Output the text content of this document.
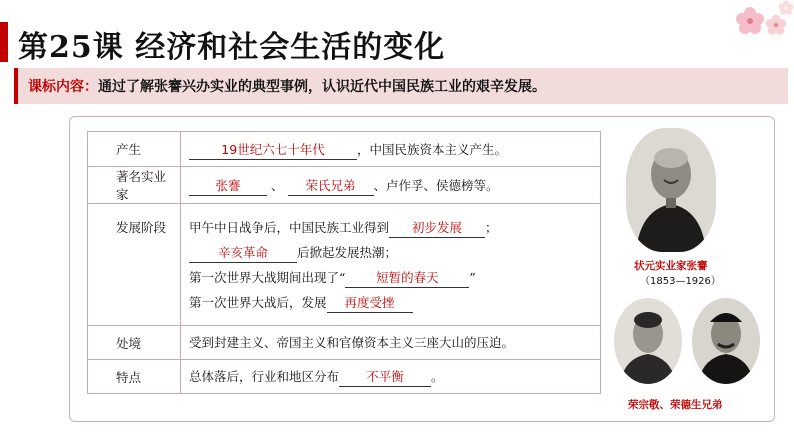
第25课 经济和社会生活的变化
课标内容：通过了解张謇兴办实业的典型事例，认识近代中国民族工业的艰辛发展。
产生	19世纪六七十年代 ，中国民族资本主义产生。

著名实业家	张謇 、 荣氏兄弟 、卢作孚、侯德榜等。

发展阶段	甲午中日战争后，中国民族工业得到 初步发展 ；
辛亥革命 后掀起发展热潮；
第一次世界大战期间出现了“ 短暂的春天 ”
第一次世界大战后，发展 再度受挫

处境	受到封建主义、帝国主义和官僚资本主义三座大山的压迫。

特点	总体落后，行业和地区分布 不平衡 。
状元实业家张謇
（1853—1926）
荣宗敬、荣德生兄弟
